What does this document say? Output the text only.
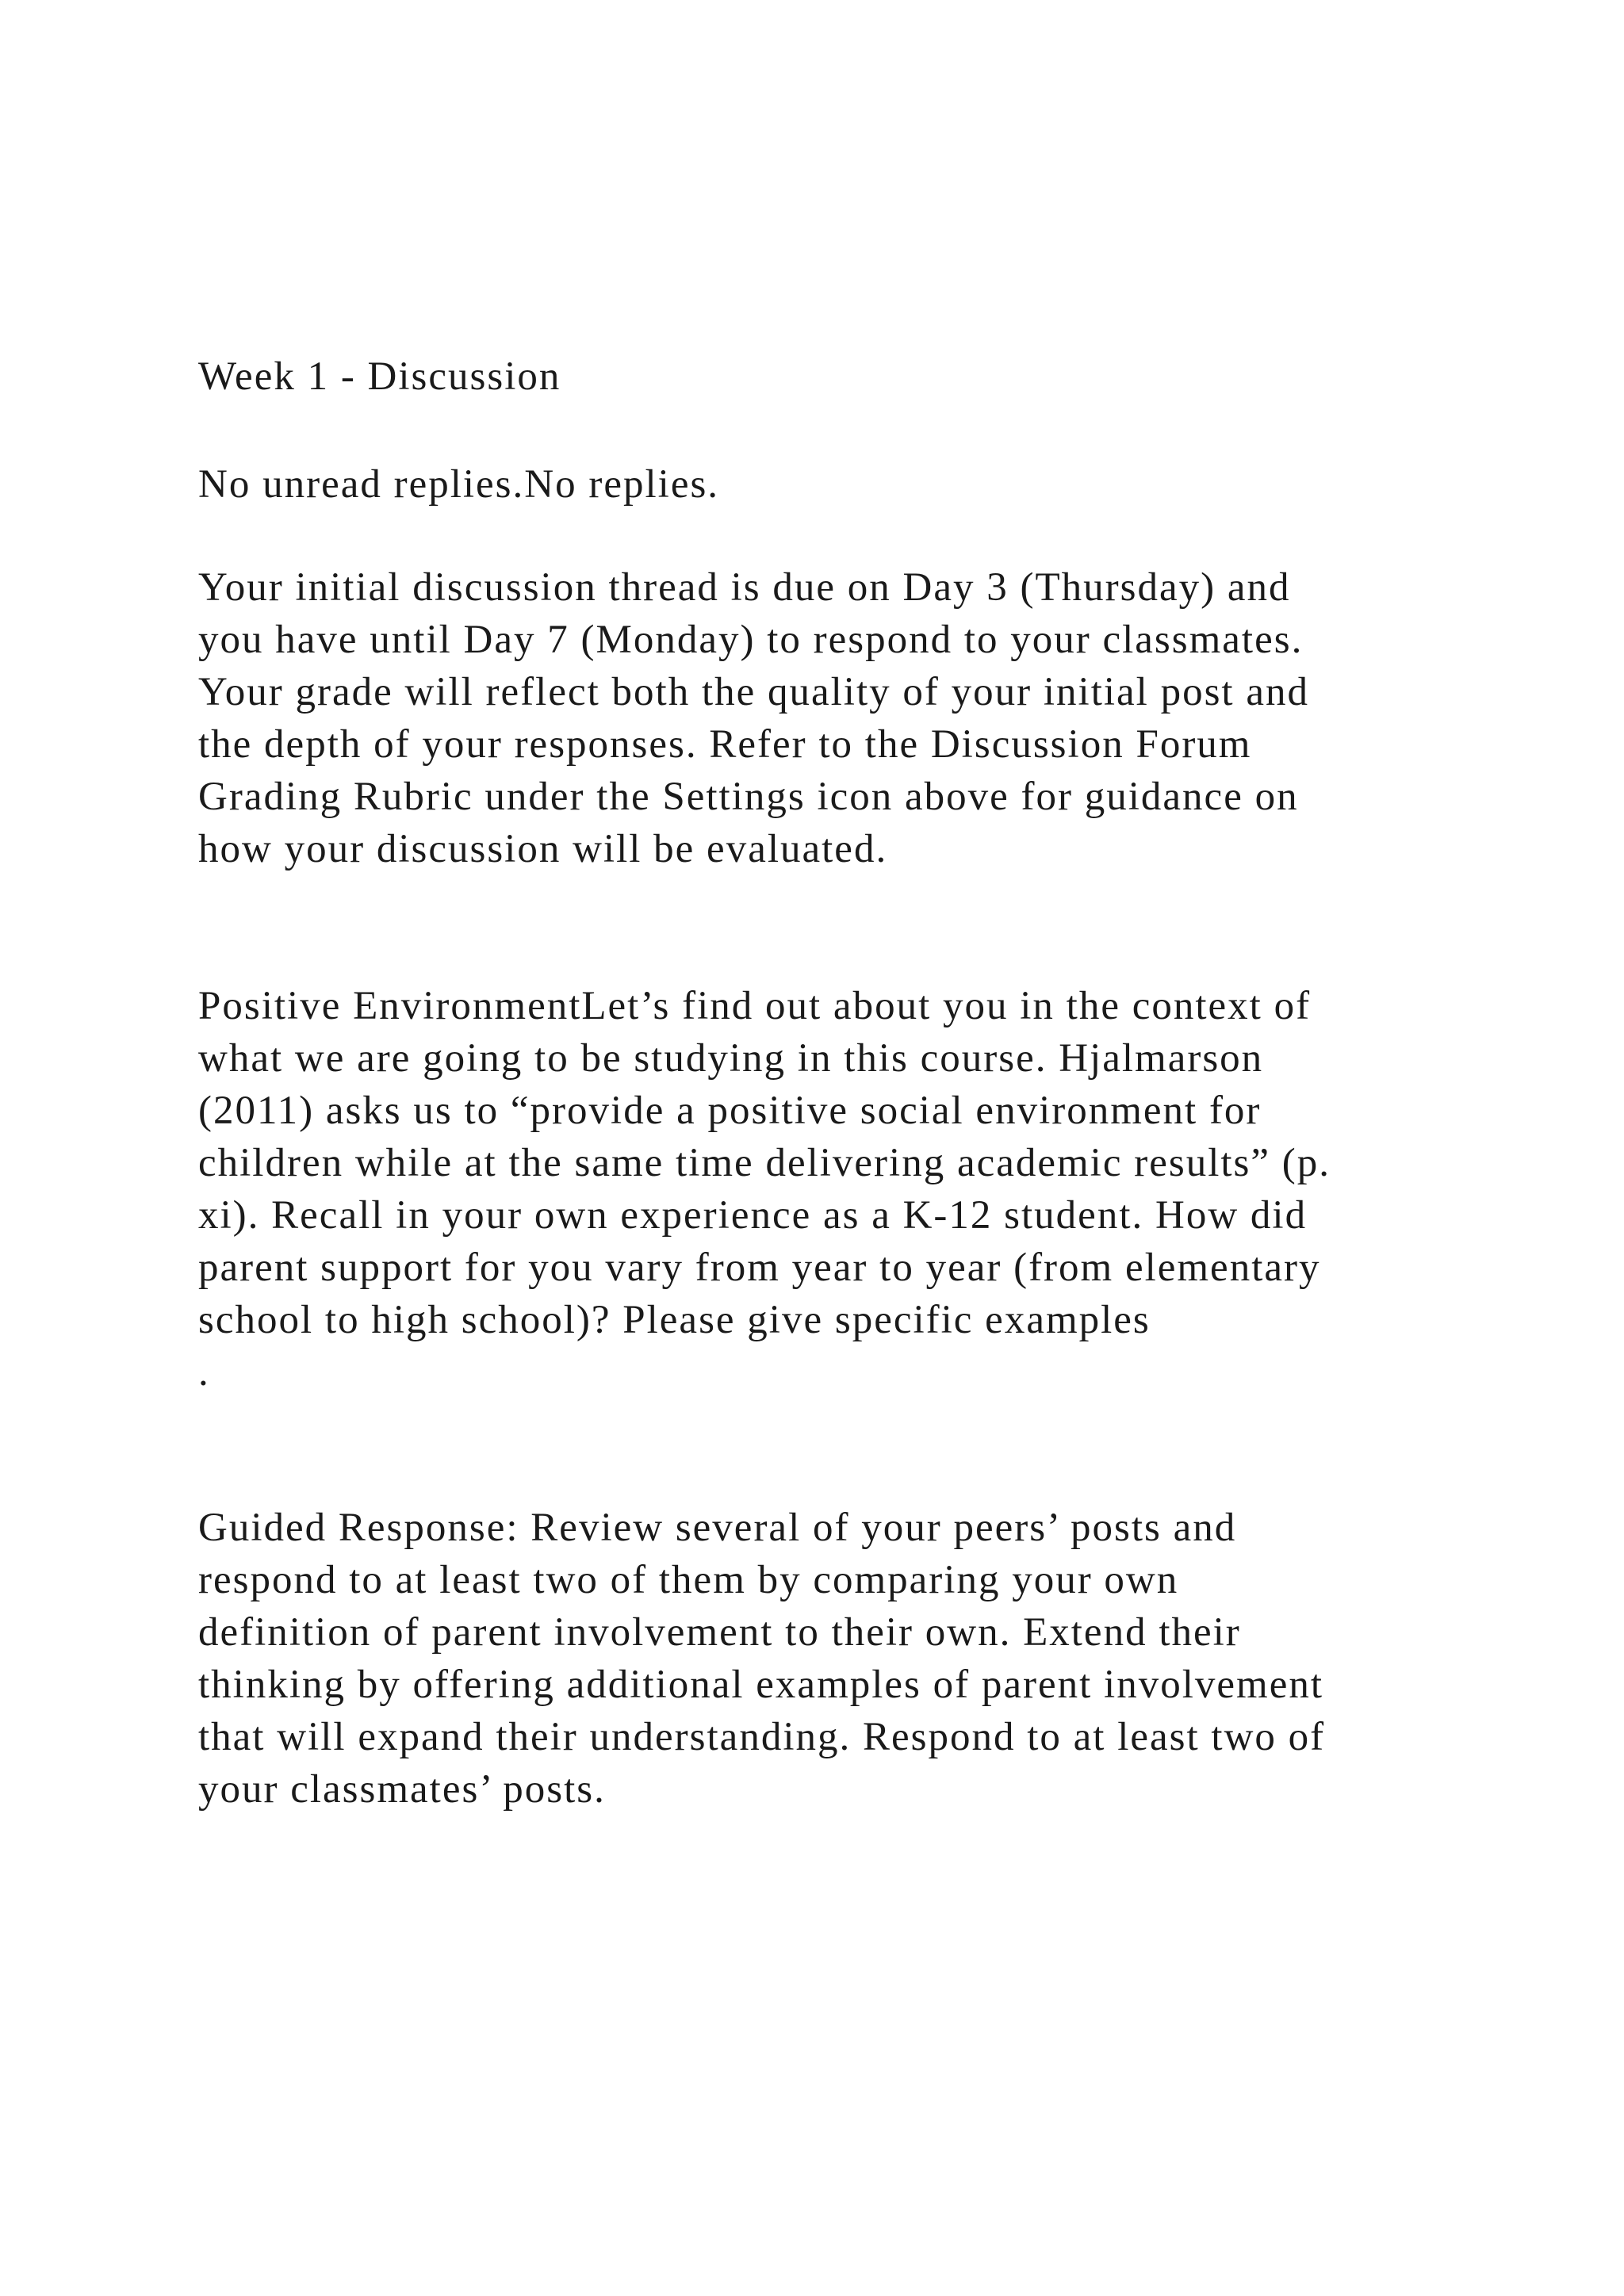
Week 1 - Discussion

No unread replies.No replies.

Your initial discussion thread is due on Day 3 (Thursday) and

you have until Day 7 (Monday) to respond to your classmates.

Your grade will reflect both the quality of your initial post and

the depth of your responses. Refer to the Discussion Forum

Grading Rubric under the Settings icon above for guidance on

how your discussion will be evaluated.

Positive EnvironmentLet’s find out about you in the context of

what we are going to be studying in this course. Hjalmarson

(2011) asks us to “provide a positive social environment for

children while at the same time delivering academic results” (p.

xi). Recall in your own experience as a K-12 student. How did

parent support for you vary from year to year (from elementary

school to high school)? Please give specific examples

.

Guided Response: Review several of your peers’ posts and

respond to at least two of them by comparing your own

definition of parent involvement to their own. Extend their

thinking by offering additional examples of parent involvement

that will expand their understanding. Respond to at least two of

your classmates’ posts.
